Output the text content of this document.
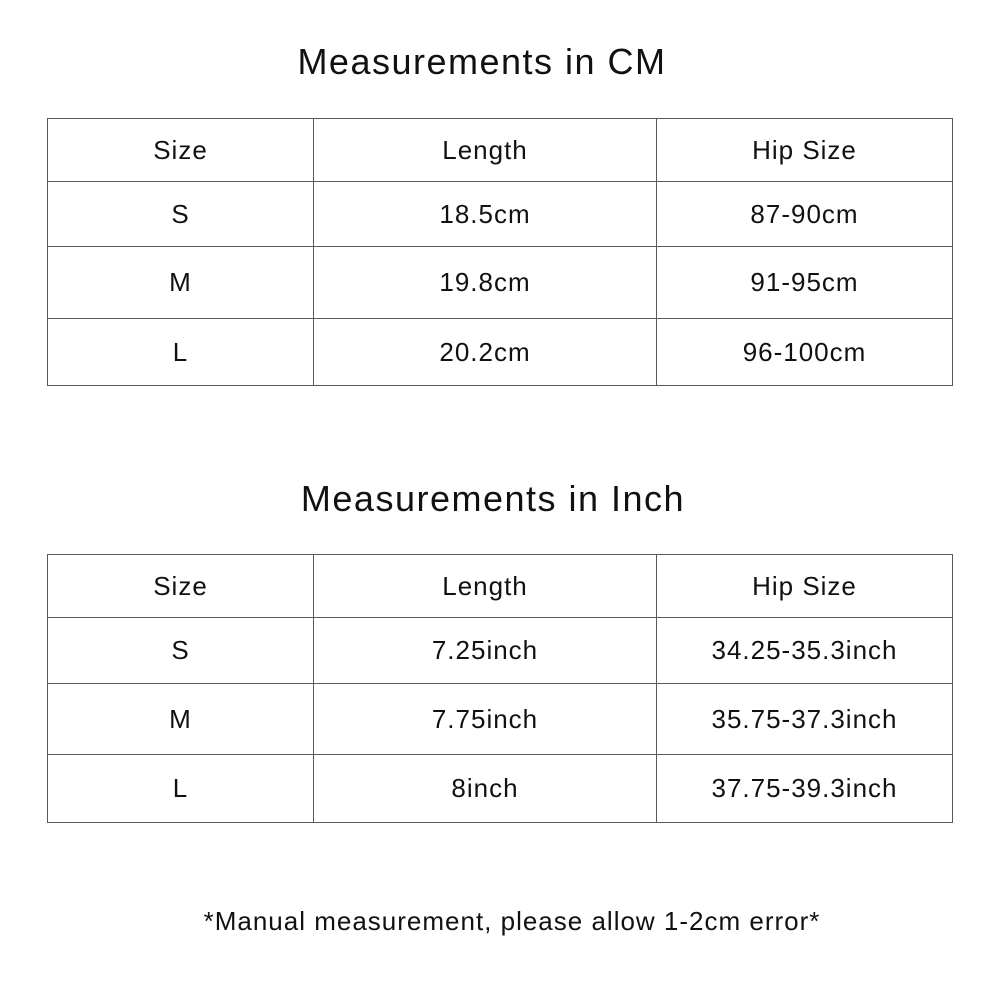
Measurements in CM
Size	Length	Hip Size
S	18.5cm	87-90cm
M	19.8cm	91-95cm
L	20.2cm	96-100cm
Measurements in Inch
Size	Length	Hip Size
S	7.25inch	34.25-35.3inch
M	7.75inch	35.75-37.3inch
L	8inch	37.75-39.3inch

*Manual measurement, please allow 1-2cm error*
